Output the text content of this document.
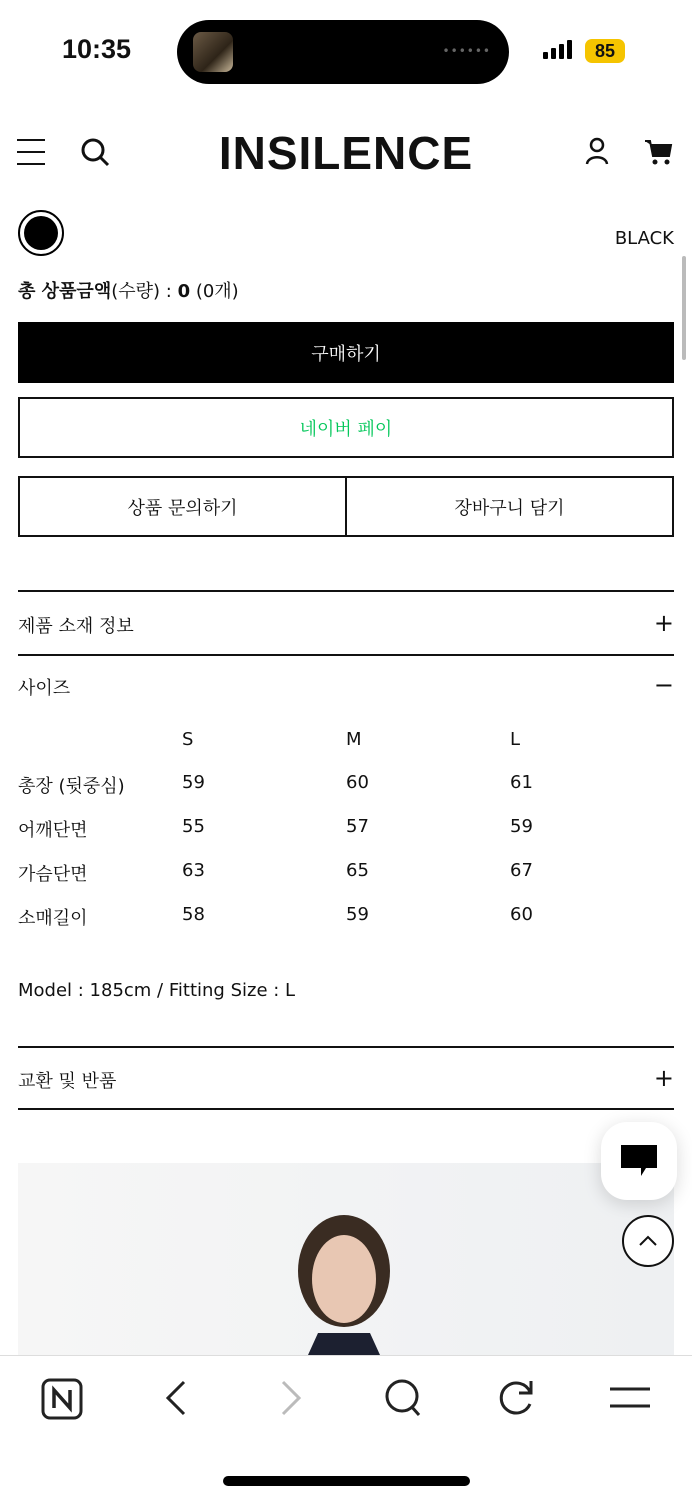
10:35	••••••	85
INSILENCE
BLACK
총 상품금액(수량) : 0 (0개)
구매하기
네이버 페이
상품 문의하기	장바구니 담기
제품 소재 정보	+
사이즈	−
S	M	L
총장 (뒷중심)	59	60	61
어깨단면	55	57	59
가슴단면	63	65	67
소매길이	58	59	60
Model : 185cm / Fitting Size : L
교환 및 반품	+
